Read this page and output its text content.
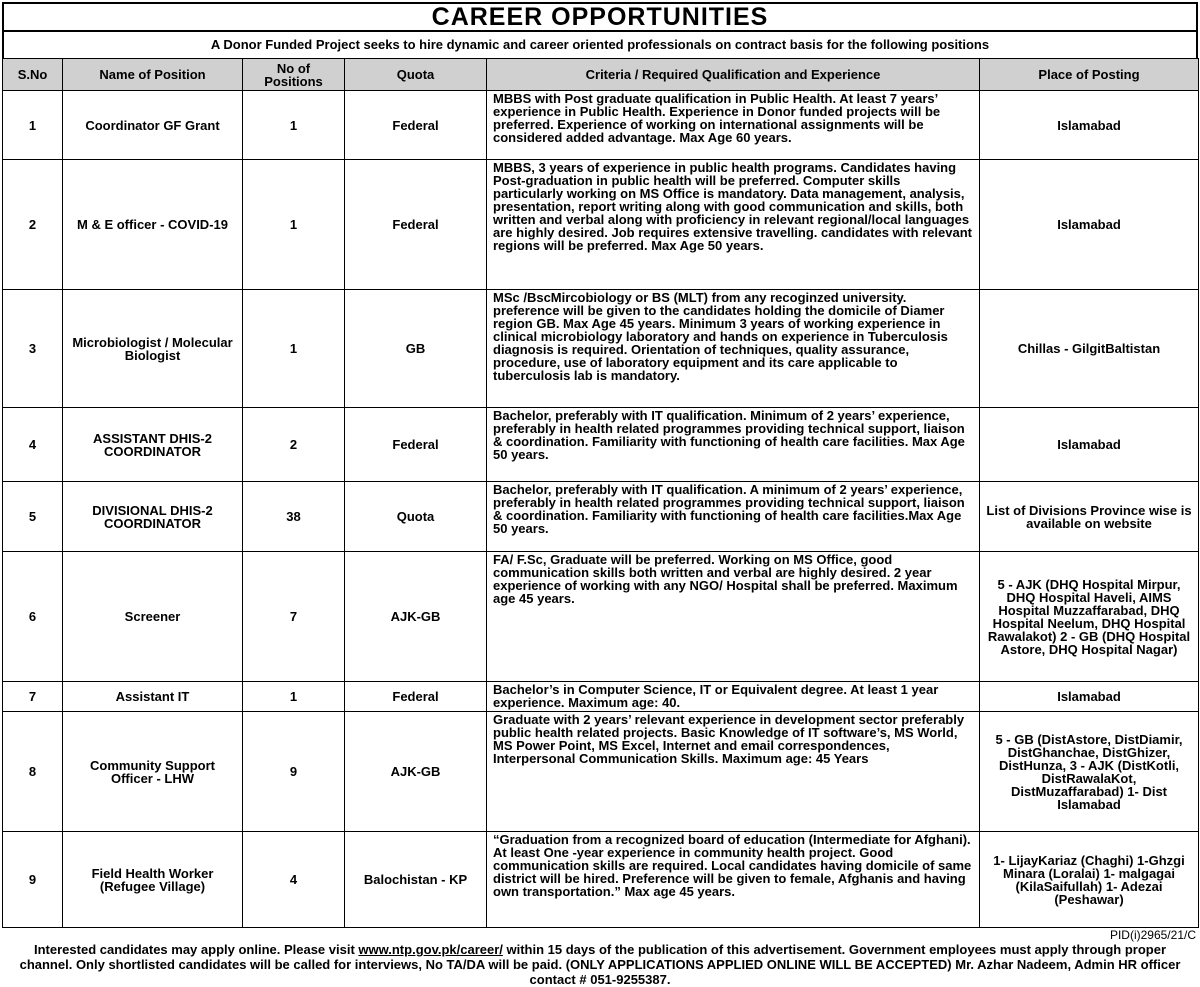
CAREER OPPORTUNITIES
A Donor Funded Project seeks to hire dynamic and career oriented professionals on contract basis for the following positions
S.No	Name of Position	No of Positions	Quota	Criteria / Required Qualification and Experience	Place of Posting
1	Coordinator GF Grant	1	Federal	MBBS with Post graduate qualification in Public Health. At least 7 years’ experience in Public Health. Experience in Donor funded projects will be preferred. Experience of working on international assignments will be considered added advantage. Max Age 60 years.	Islamabad
2	M & E officer - COVID-19	1	Federal	MBBS, 3 years of experience in public health programs. Candidates having Post-graduation in public health will be preferred. Computer skills particularly working on MS Office is mandatory. Data management, analysis, presentation, report writing along with good communication and skills, both written and verbal along with proficiency in relevant regional/local languages are highly desired. Job requires extensive travelling. candidates with relevant regions will be preferred. Max Age 50 years.	Islamabad
3	Microbiologist / Molecular Biologist	1	GB	MSc /BscMircobiology or BS (MLT) from any recoginzed university. preference will be given to the candidates holding the domicile of Diamer region GB. Max Age 45 years. Minimum 3 years of working experience in clinical microbiology laboratory and hands on experience in Tuberculosis diagnosis is required. Orientation of techniques, quality assurance, procedure, use of laboratory equipment and its care applicable to tuberculosis lab is mandatory.	Chillas - GilgitBaltistan
4	ASSISTANT DHIS-2 COORDINATOR	2	Federal	Bachelor, preferably with IT qualification. Minimum of 2 years’ experience, preferably in health related programmes providing technical support, liaison & coordination. Familiarity with functioning of health care facilities. Max Age 50 years.	Islamabad
5	DIVISIONAL DHIS-2 COORDINATOR	38	Quota	Bachelor, preferably with IT qualification. A minimum of 2 years’ experience, preferably in health related programmes providing technical support, liaison & coordination. Familiarity with functioning of health care facilities.Max Age 50 years.	List of Divisions Province wise is available on website
6	Screener	7	AJK-GB	FA/ F.Sc, Graduate will be preferred. Working on MS Office, good communication skills both written and verbal are highly desired. 2 year experience of working with any NGO/ Hospital shall be preferred. Maximum age 45 years.	5 - AJK (DHQ Hospital Mirpur, DHQ Hospital Haveli, AIMS Hospital Muzzaffarabad, DHQ Hospital Neelum, DHQ Hospital Rawalakot) 2 - GB (DHQ Hospital Astore, DHQ Hospital Nagar)
7	Assistant IT	1	Federal	Bachelor’s in Computer Science, IT or Equivalent degree. At least 1 year experience. Maximum age: 40.	Islamabad
8	Community Support Officer - LHW	9	AJK-GB	Graduate with 2 years’ relevant experience in development sector preferably public health related projects. Basic Knowledge of IT software’s, MS World, MS Power Point, MS Excel, Internet and email correspondences, Interpersonal Communication Skills. Maximum age: 45 Years	5 - GB (DistAstore, DistDiamir, DistGhanchae, DistGhizer, DistHunza, 3 - AJK (DistKotli, DistRawalaKot, DistMuzaffarabad) 1- Dist Islamabad
9	Field Health Worker (Refugee Village)	4	Balochistan - KP	“Graduation from a recognized board of education (Intermediate for Afghani). At least One -year experience in community health project. Good communication skills are required. Local candidates having domicile of same district will be hired. Preference will be given to female, Afghanis and having own transportation.” Max age 45 years.	1- LijayKariaz (Chaghi) 1-Ghzgi Minara (Loralai) 1- malgagai (KilaSaifullah) 1- Adezai (Peshawar)
PID(i)2965/21/C
Interested candidates may apply online. Please visit www.ntp.gov.pk/career/ within 15 days of the publication of this advertisement. Government employees must apply through proper channel. Only shortlisted candidates will be called for interviews, No TA/DA will be paid. (ONLY APPLICATIONS APPLIED ONLINE WILL BE ACCEPTED) Mr. Azhar Nadeem, Admin HR officer contact # 051-9255387.
